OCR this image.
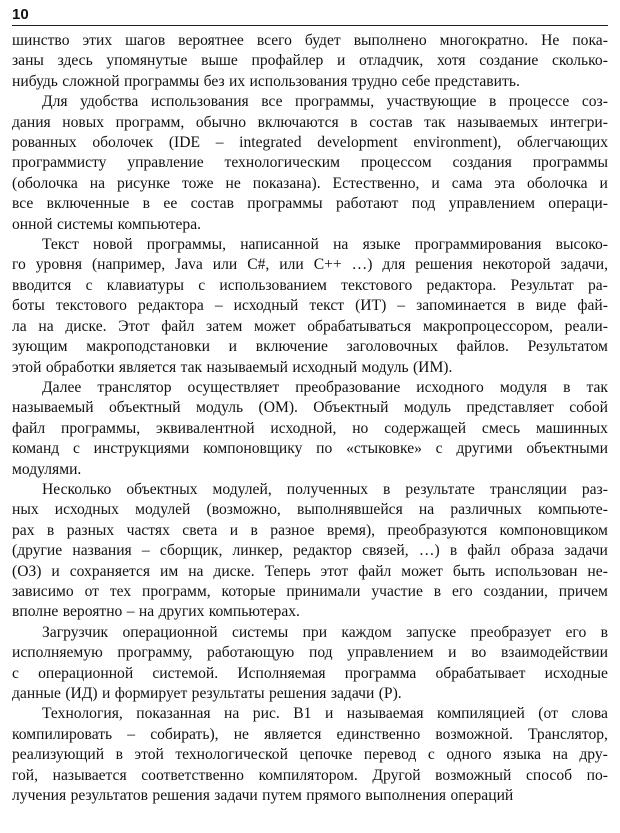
10
шинство этих шагов вероятнее всего будет выполнено многократно. Не пока-
заны здесь упомянутые выше профайлер и отладчик, хотя создание сколько-
нибудь сложной программы без их использования трудно себе представить.
Для удобства использования все программы, участвующие в процессе соз-
дания новых программ, обычно включаются в состав так называемых интегри-
рованных оболочек (IDE – integrated development environment), облегчающих
программисту управление технологическим процессом создания программы
(оболочка на рисунке тоже не показана). Естественно, и сама эта оболочка и
все включенные в ее состав программы работают под управлением операци-
онной системы компьютера.
Текст новой программы, написанной на языке программирования высоко-
го уровня (например, Java или C#, или C++ …) для решения некоторой задачи,
вводится с клавиатуры с использованием текстового редактора. Результат ра-
боты текстового редактора – исходный текст (ИТ) – запоминается в виде фай-
ла на диске. Этот файл затем может обрабатываться макропроцессором, реали-
зующим макроподстановки и включение заголовочных файлов. Результатом
этой обработки является так называемый исходный модуль (ИМ).
Далее транслятор осуществляет преобразование исходного модуля в так
называемый объектный модуль (ОМ). Объектный модуль представляет собой
файл программы, эквивалентной исходной, но содержащей смесь машинных
команд с инструкциями компоновщику по «стыковке» с другими объектными
модулями.
Несколько объектных модулей, полученных в результате трансляции раз-
ных исходных модулей (возможно, выполнявшейся на различных компьюте-
рах в разных частях света и в разное время), преобразуются компоновщиком
(другие названия – сборщик, линкер, редактор связей, …) в файл образа задачи
(ОЗ) и сохраняется им на диске. Теперь этот файл может быть использован не-
зависимо от тех программ, которые принимали участие в его создании, причем
вполне вероятно – на других компьютерах.
Загрузчик операционной системы при каждом запуске преобразует его в
исполняемую программу, работающую под управлением и во взаимодействии
с операционной системой. Исполняемая программа обрабатывает исходные
данные (ИД) и формирует результаты решения задачи (Р).
Технология, показанная на рис. В1 и называемая компиляцией (от слова
компилировать – собирать), не является единственно возможной. Транслятор,
реализующий в этой технологической цепочке перевод с одного языка на дру-
гой, называется соответственно компилятором. Другой возможный способ по-
лучения результатов решения задачи путем прямого выполнения операций
